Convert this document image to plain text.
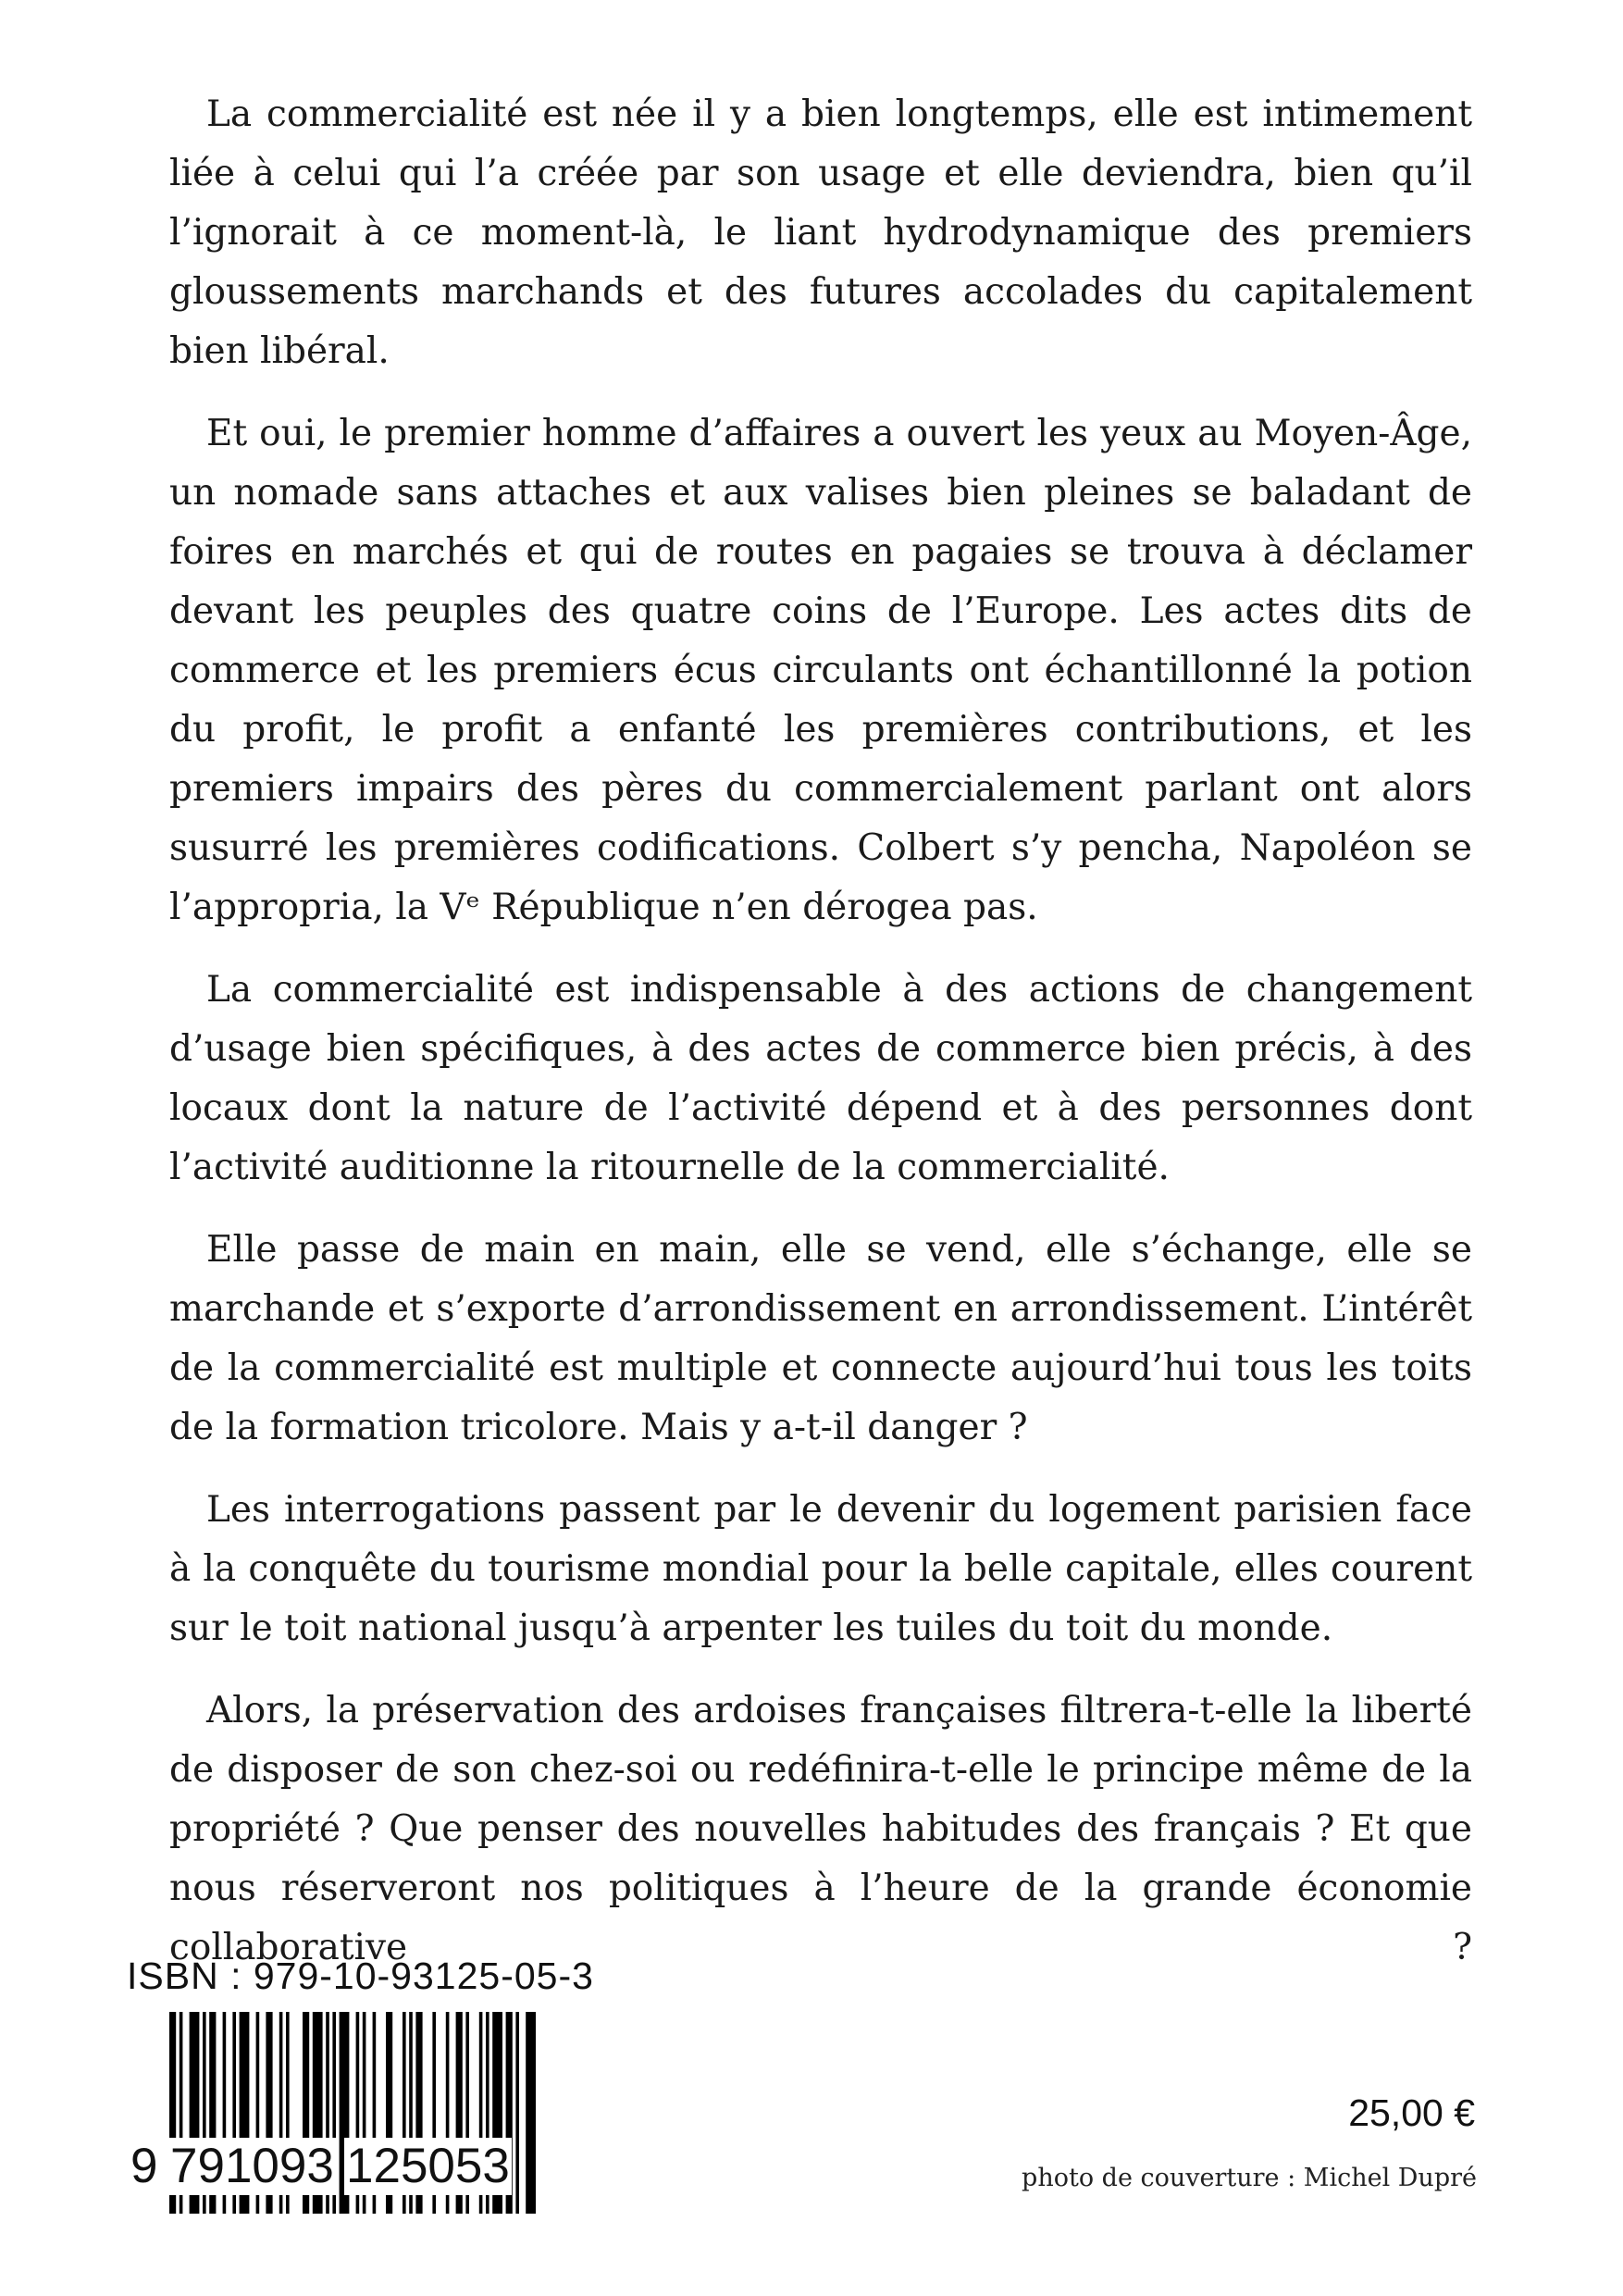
La commercialité est née il y a bien longtemps, elle est intimement liée à celui qui l’a créée par son usage et elle deviendra, bien qu’il l’ignorait à ce moment-là, le liant hydrodynamique des premiers gloussements marchands et des futures accolades du capitalement bien libéral.

Et oui, le premier homme d’affaires a ouvert les yeux au Moyen-Âge, un nomade sans attaches et aux valises bien pleines se baladant de foires en marchés et qui de routes en pagaies se trouva à déclamer devant les peuples des quatre coins de l’Europe. Les actes dits de commerce et les premiers écus circulants ont échantillonné la potion du profit, le profit a enfanté les premières contributions, et les premiers impairs des pères du commercialement parlant ont alors susurré les premières codifications. Colbert s’y pencha, Napoléon se l’appropria, la Vᵉ République n’en dérogea pas.

La commercialité est indispensable à des actions de changement d’usage bien spécifiques, à des actes de commerce bien précis, à des locaux dont la nature de l’activité dépend et à des personnes dont l’activité auditionne la ritournelle de la commercialité.

Elle passe de main en main, elle se vend, elle s’échange, elle se marchande et s’exporte d’arrondissement en arrondissement. L’intérêt de la commercialité est multiple et connecte aujourd’hui tous les toits de la formation tricolore. Mais y a-t-il danger ?

Les interrogations passent par le devenir du logement parisien face à la conquête du tourisme mondial pour la belle capitale, elles courent sur le toit national jusqu’à arpenter les tuiles du toit du monde.

Alors, la préservation des ardoises françaises filtrera-t-elle la liberté de disposer de son chez-soi ou redéfinira-t-elle le principe même de la propriété ? Que penser des nouvelles habitudes des français ? Et que nous réserveront nos politiques à l’heure de la grande économie collaborative ?

ISBN : 979-10-93125-05-3
9 791093 125053
25,00 €
photo de couverture : Michel Dupré
